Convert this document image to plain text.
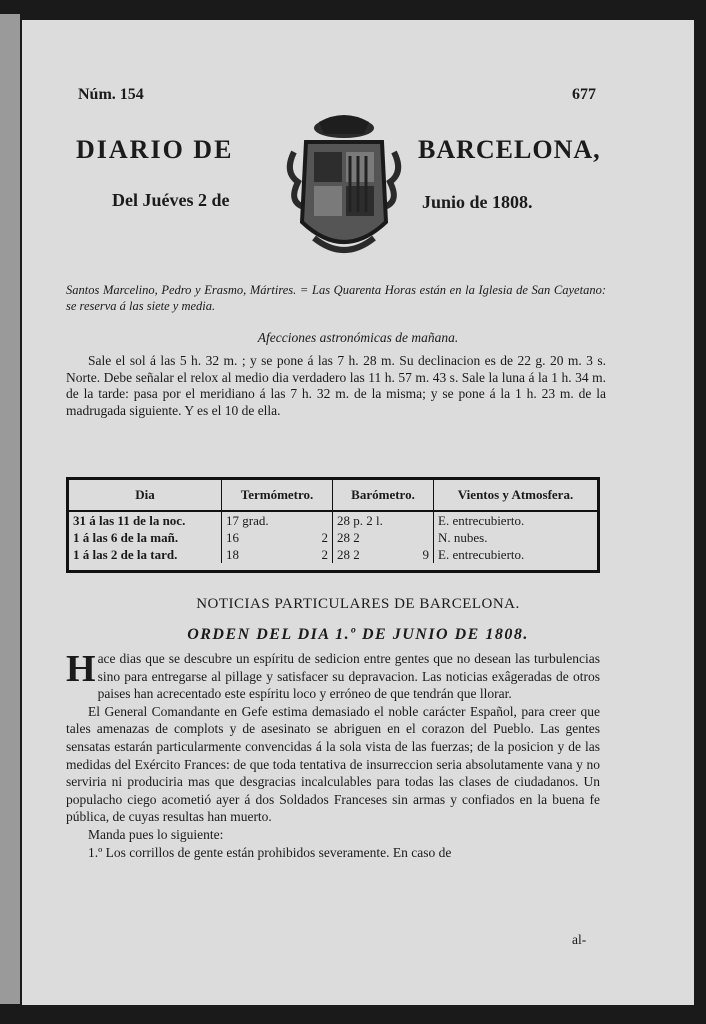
Núm. 154	677
DIARIO DE	BARCELONA,
Del Juéves 2 de	Junio de 1808.
Santos Marcelino, Pedro y Erasmo, Mártires. = Las Quarenta Horas están en la Iglesia de San Cayetano: se reserva á las siete y media.
Afecciones astronómicas de mañana.
Sale el sol á las 5 h. 32 m. ; y se pone á las 7 h. 28 m. Su declinacion es de 22 g. 20 m. 3 s. Norte. Debe señalar el relox al medio dia verdadero las 11 h. 57 m. 43 s. Sale la luna á la 1 h. 34 m. de la tarde: pasa por el meridiano á las 7 h. 32 m. de la misma; y se pone á la 1 h. 23 m. de la madrugada siguiente. Y es el 10 de ella.
Dia	Termómetro.	Barómetro.	Vientos y Atmosfera.
31 á las 11 de la noc.	17 grad.	28 p. 2 l.	E. entrecubierto.
1 á las 6 de la mañ.	16 2	28 2	N. nubes.
1 á las 2 de la tard.	18 2	28 2 9	E. entrecubierto.
NOTICIAS PARTICULARES DE BARCELONA.
ORDEN DEL DIA 1.º DE JUNIO DE 1808.

Hace dias que se descubre un espíritu de sedicion entre gentes que no desean las turbulencias sino para entregarse al pillage y satisfacer su depravacion. Las noticias exâgeradas de otros paises han acrecentado este espíritu loco y erróneo de que tendrán que llorar.

El General Comandante en Gefe estima demasiado el noble carácter Español, para creer que tales amenazas de complots y de asesinato se abriguen en el corazon del Pueblo. Las gentes sensatas estarán particularmente convencidas á la sola vista de las fuerzas; de la posicion y de las medidas del Exército Frances: de que toda tentativa de insurreccion seria absolutamente vana y no serviria ni produciria mas que desgracias incalculables para todas las clases de ciudadanos. Un populacho ciego acometió ayer á dos Soldados Franceses sin armas y confiados en la buena fe pública, de cuyas resultas han muerto.

Manda pues lo siguiente:

1.º Los corrillos de gente están prohibidos severamente. En caso de

al-
